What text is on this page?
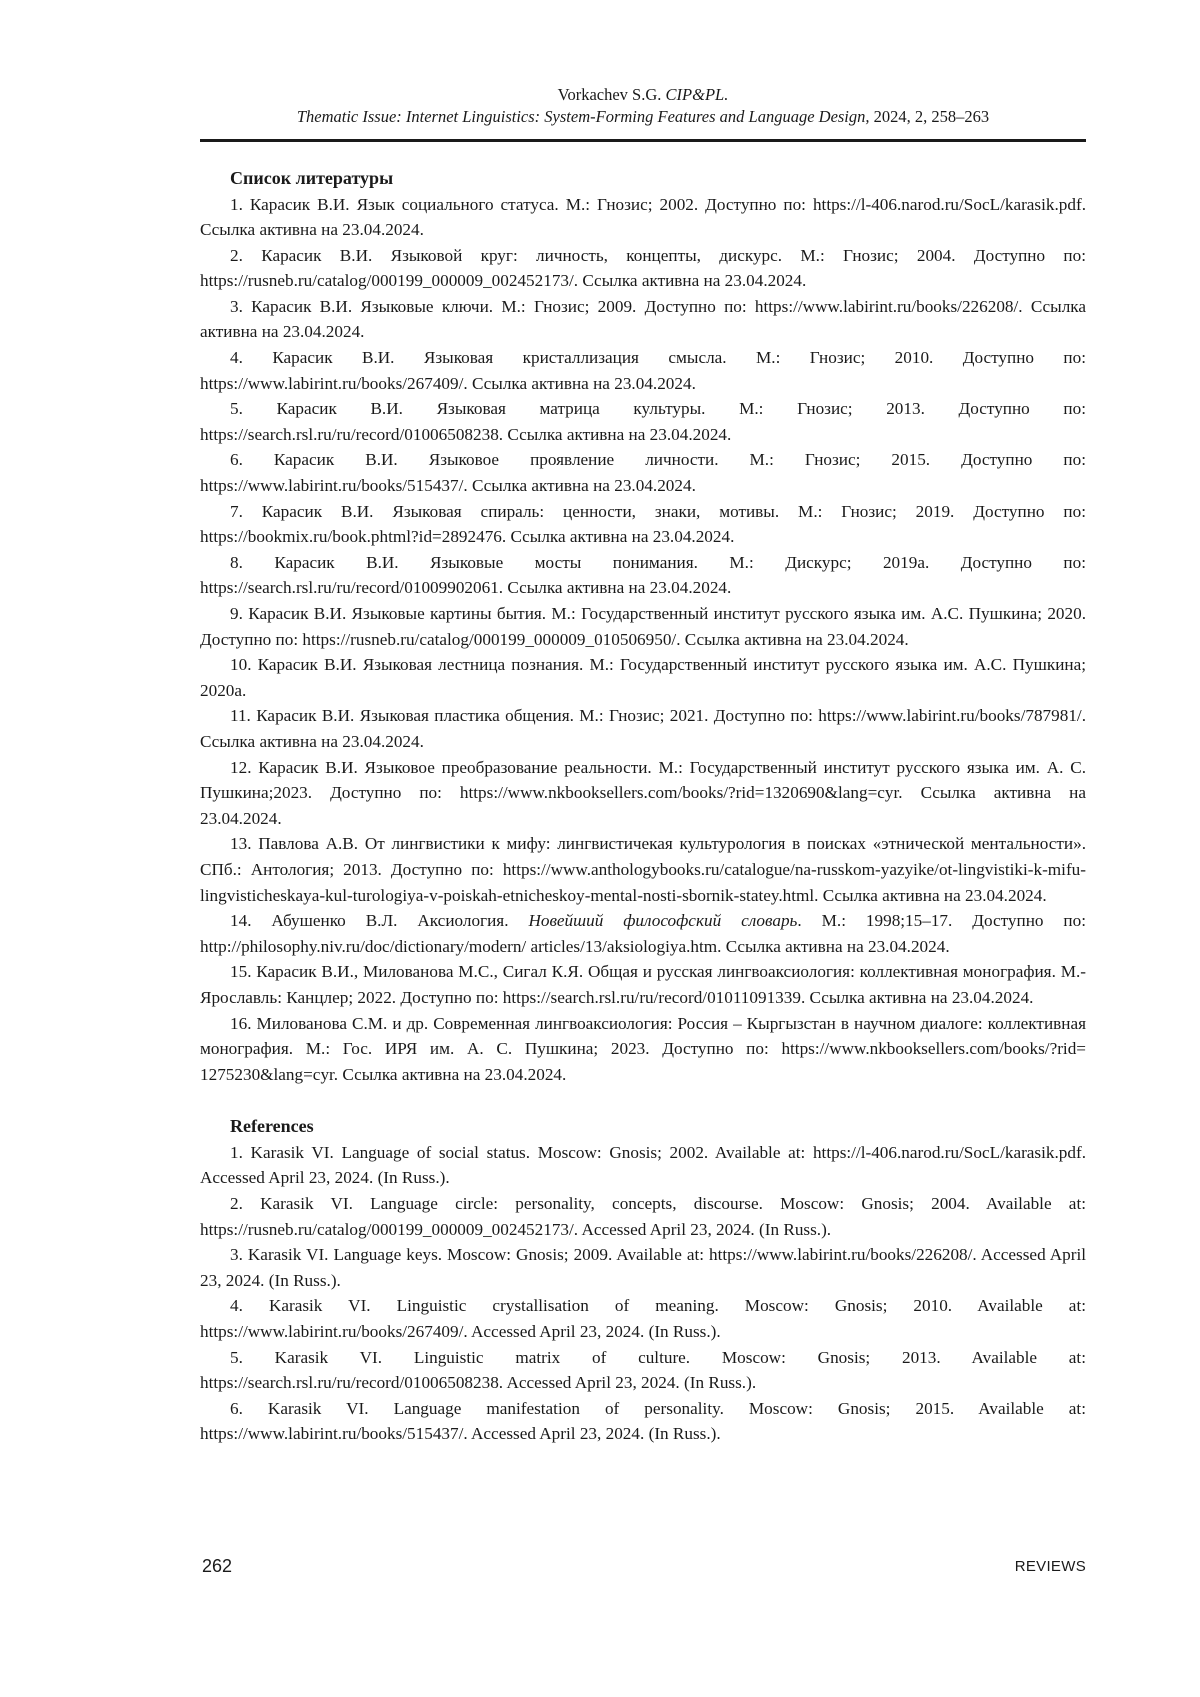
Vorkachev S.G. CIP&PL.
Thematic Issue: Internet Linguistics: System-Forming Features and Language Design, 2024, 2, 258–263
Список литературы

1. Карасик В.И. Язык социального статуса. М.: Гнозис; 2002. Доступно по: https://l-406.narod.ru/SocL/karasik.pdf. Ссылка активна на 23.04.2024.

2. Карасик В.И. Языковой круг: личность, концепты, дискурс. М.: Гнозис; 2004. Доступно по: https://rusneb.ru/catalog/000199_000009_002452173/. Ссылка активна на 23.04.2024.

3. Карасик В.И. Языковые ключи. М.: Гнозис; 2009. Доступно по: https://www.labirint.ru/books/226208/. Ссылка активна на 23.04.2024.

4. Карасик В.И. Языковая кристаллизация смысла. М.: Гнозис; 2010. Доступно по: https://www.labirint.ru/books/267409/. Ссылка активна на 23.04.2024.

5. Карасик В.И. Языковая матрица культуры. М.: Гнозис; 2013. Доступно по: https://search.rsl.ru/ru/record/01006508238. Ссылка активна на 23.04.2024.

6. Карасик В.И. Языковое проявление личности. М.: Гнозис; 2015. Доступно по: https://www.labirint.ru/books/515437/. Ссылка активна на 23.04.2024.

7. Карасик В.И. Языковая спираль: ценности, знаки, мотивы. М.: Гнозис; 2019. Доступно по: https://bookmix.ru/book.phtml?id=2892476. Ссылка активна на 23.04.2024.

8. Карасик В.И. Языковые мосты понимания. М.: Дискурс; 2019а. Доступно по: https://search.rsl.ru/ru/record/01009902061. Ссылка активна на 23.04.2024.

9. Карасик В.И. Языковые картины бытия. М.: Государственный институт русского языка им. А.С. Пушкина; 2020. Доступно по: https://rusneb.ru/catalog/000199_000009_010506950/. Ссылка активна на 23.04.2024.

10. Карасик В.И. Языковая лестница познания. М.: Государственный институт русского языка им. А.С. Пушкина; 2020а.

11. Карасик В.И. Языковая пластика общения. М.: Гнозис; 2021. Доступно по: https://www.labirint.ru/books/787981/. Ссылка активна на 23.04.2024.

12. Карасик В.И. Языковое преобразование реальности. М.: Государственный институт русского языка им. А. С. Пушкина;2023. Доступно по: https://www.nkbooksellers.com/books/?rid=1320690&lang=cyr. Ссылка активна на 23.04.2024.

13. Павлова А.В. От лингвистики к мифу: лингвистичекая культурология в поисках «этнической ментальности». СПб.: Антология; 2013. Доступно по: https://www.anthologybooks.ru/catalogue/na-russkom-yazyike/ot-lingvistiki-k-mifu-lingvisticheskaya-kul-turologiya-v-poiskah-etnicheskoy-mental-nosti-sbornik-statey.html. Ссылка активна на 23.04.2024.

14. Абушенко В.Л. Аксиология. Новейший философский словарь. М.: 1998;15–17. Доступно по: http://philosophy.niv.ru/doc/dictionary/modern/ articles/13/aksiologiya.htm. Ссылка активна на 23.04.2024.

15. Карасик В.И., Милованова М.С., Сигал К.Я. Общая и русская лингвоаксиология: коллективная монография. М.-Ярославль: Канцлер; 2022. Доступно по: https://search.rsl.ru/ru/record/01011091339. Ссылка активна на 23.04.2024.

16. Милованова С.М. и др. Современная лингвоаксиология: Россия – Кыргызстан в научном диалоге: коллективная монография. М.: Гос. ИРЯ им. А. С. Пушкина; 2023. Доступно по: https://www.nkbooksellers.com/books/?rid= 1275230&lang=cyr. Ссылка активна на 23.04.2024.

References

1. Karasik VI. Language of social status. Moscow: Gnosis; 2002. Available at: https://l-406.narod.ru/SocL/karasik.pdf. Accessed April 23, 2024. (In Russ.).

2. Karasik VI. Language circle: personality, concepts, discourse. Moscow: Gnosis; 2004. Available at: https://rusneb.ru/catalog/000199_000009_002452173/. Accessed April 23, 2024. (In Russ.).

3. Karasik VI. Language keys. Moscow: Gnosis; 2009. Available at: https://www.labirint.ru/books/226208/. Accessed April 23, 2024. (In Russ.).

4. Karasik VI. Linguistic crystallisation of meaning. Moscow: Gnosis; 2010. Available at: https://www.labirint.ru/books/267409/. Accessed April 23, 2024. (In Russ.).

5. Karasik VI. Linguistic matrix of culture. Moscow: Gnosis; 2013. Available at: https://search.rsl.ru/ru/record/01006508238. Accessed April 23, 2024. (In Russ.).

6. Karasik VI. Language manifestation of personality. Moscow: Gnosis; 2015. Available at: https://www.labirint.ru/books/515437/. Accessed April 23, 2024. (In Russ.).

262	REVIEWS
